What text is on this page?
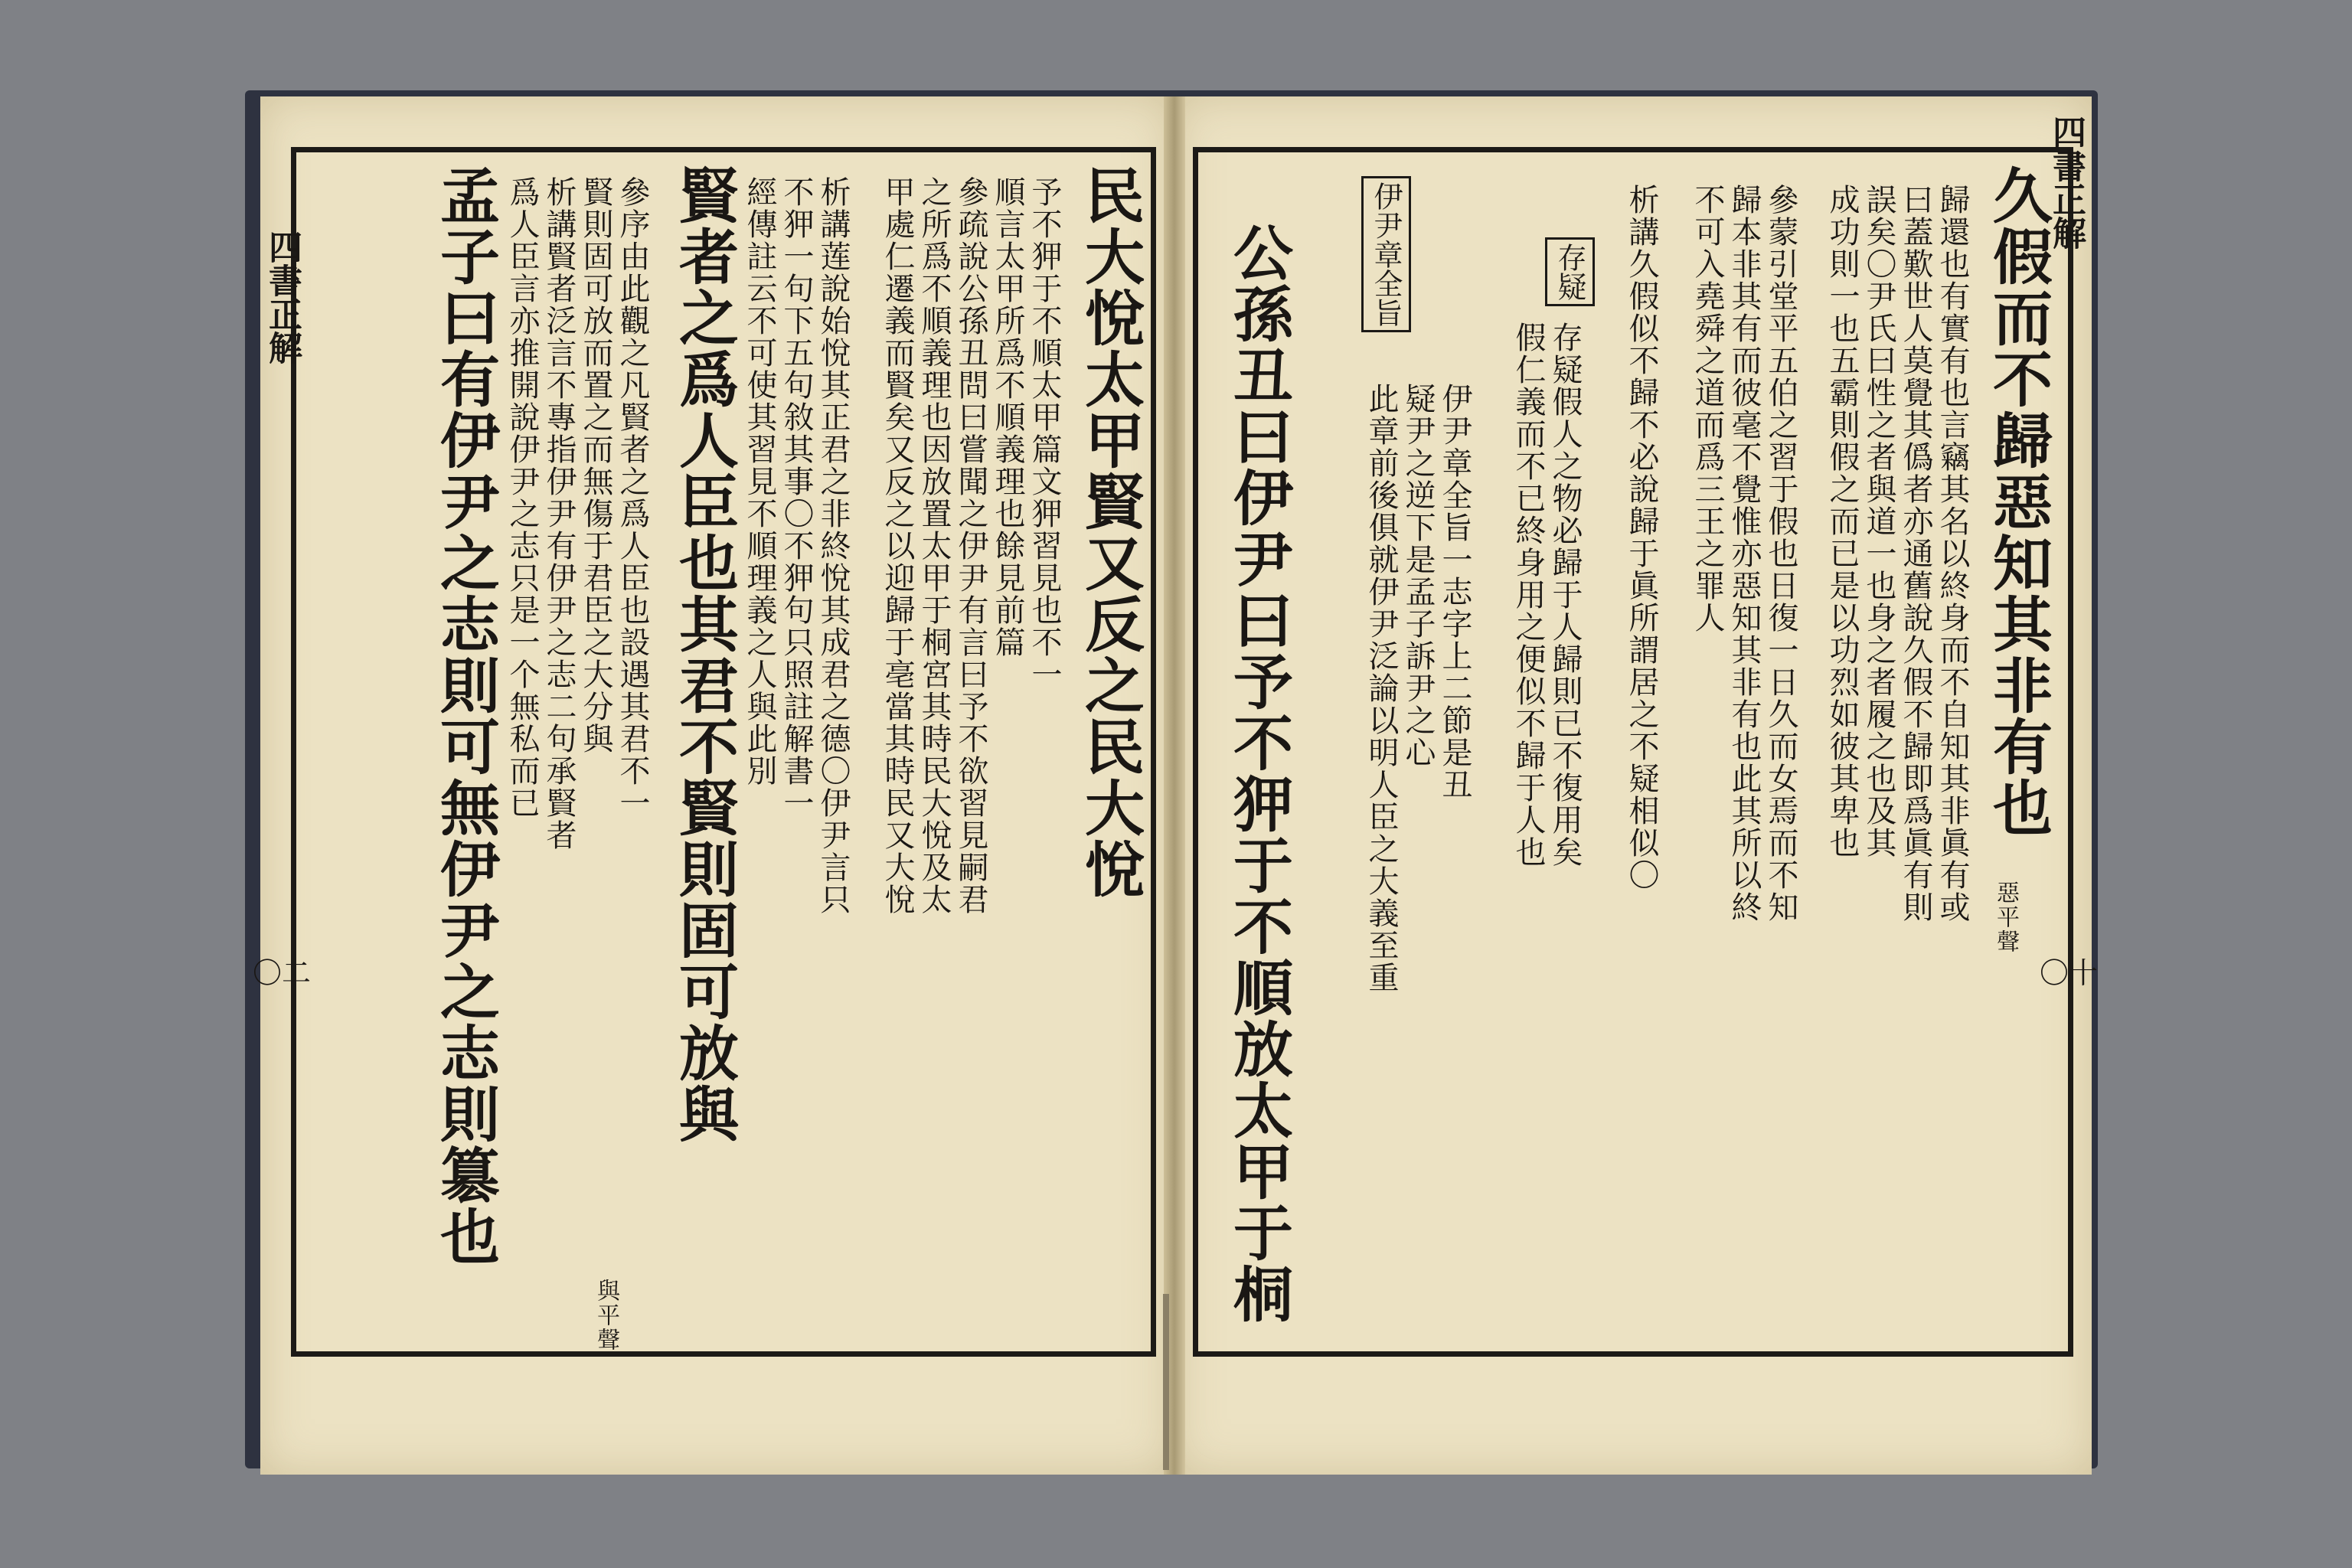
四書正解
〇二
四書正解
〇十
民大悅太甲賢又反之民大悅
予不狎于不順太甲篇文狎習見也不一
順言太甲所爲不順義理也餘見前篇
參疏說公孫丑問曰嘗聞之伊尹有言曰予不欲習見嗣君
之所爲不順義理也因放置太甲于桐宮其時民大悅及太
甲處仁遷義而賢矣又反之以迎歸于亳當其時民又大悅
析講莲說始悅其正君之非終悅其成君之德〇伊尹言只
不狎一句下五句敘其事〇不狎句只照註解書一
經傳註云不可使其習見不順理義之人與此別
賢者之爲人臣也其君不賢則固可放與
參序由此觀之凡賢者之爲人臣也設遇其君不一
賢則固可放而置之而無傷于君臣之大分與
析講賢者泛言不專指伊尹有伊尹之志二句承賢者
爲人臣言亦推開說伊尹之志只是一个無私而已
孟子曰有伊尹之志則可無伊尹之志則簒也
與平聲
久假而不歸惡知其非有也
歸還也有實有也言竊其名以終身而不自知其非眞有或
曰蓋歎世人莫覺其僞者亦通舊說久假不歸即爲眞有則
誤矣〇尹氏曰性之者與道一也身之者履之也及其
成功則一也五霸則假之而已是以功烈如彼其卑也
參蒙引堂平五伯之習于假也日復一日久而女焉而不知
歸本非其有而彼毫不覺惟亦惡知其非有也此其所以終
不可入堯舜之道而爲三王之罪人
析講久假似不歸不必說歸于眞所謂居之不疑相似〇
存疑假人之物必歸于人歸則已不復用矣
假仁義而不已終身用之便似不歸于人也
伊尹章全旨一志字上二節是丑
疑尹之逆下是孟子訴尹之心
此章前後俱就伊尹泛論以明人臣之大義至重
公孫丑曰伊尹曰予不狎于不順放太甲于桐	惡平聲
存疑
伊尹章全旨
